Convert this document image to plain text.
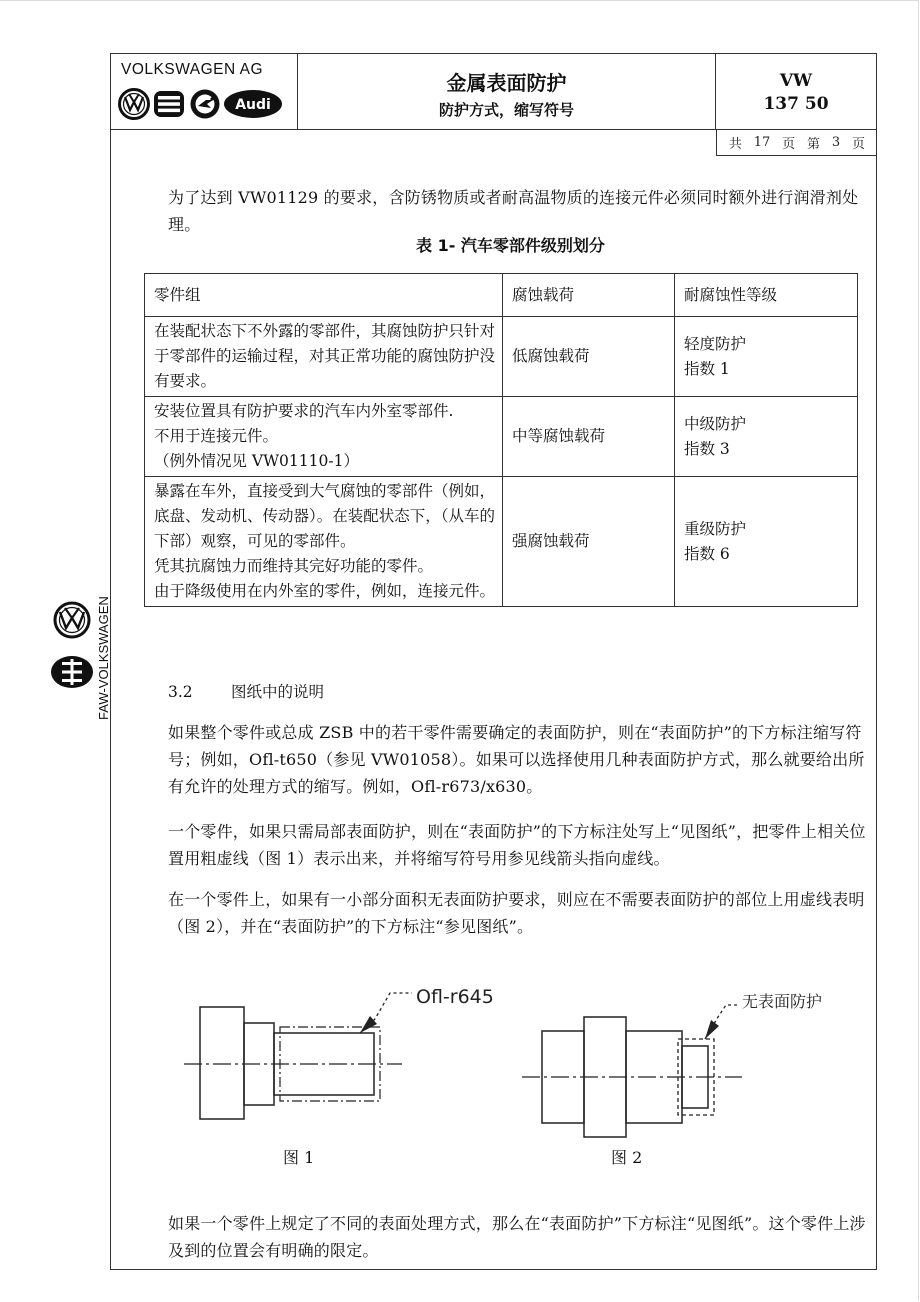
VOLKSWAGEN AG
Audi
金属表面防护
防护方式，缩写符号
VW
137 50
共 17 页 第 3 页
为了达到 VW01129 的要求，含防锈物质或者耐高温物质的连接元件必须同时额外进行润滑剂处理。
表 1- 汽车零部件级别划分
零件组	腐蚀载荷	耐腐蚀性等级
在装配状态下不外露的零部件，其腐蚀防护只针对于零部件的运输过程，对其正常功能的腐蚀防护没有要求。	低腐蚀载荷	轻度防护
指数 1
安装位置具有防护要求的汽车内外室零部件.
不用于连接元件。
（例外情况见 VW01110-1）	中等腐蚀载荷	中级防护
指数 3
暴露在车外，直接受到大气腐蚀的零部件（例如，底盘、发动机、传动器）。在装配状态下，（从车的下部）观察，可见的零部件。
凭其抗腐蚀力而维持其完好功能的零件。
由于降级使用在内外室的零件，例如，连接元件。	强腐蚀载荷	重级防护
指数 6
3.2 图纸中的说明
如果整个零件或总成 ZSB 中的若干零件需要确定的表面防护，则在“表面防护”的下方标注缩写符号；例如，Ofl-t650（参见 VW01058）。如果可以选择使用几种表面防护方式，那么就要给出所有允许的处理方式的缩写。例如，Ofl-r673/x630。
一个零件，如果只需局部表面防护，则在“表面防护”的下方标注处写上“见图纸”，把零件上相关位置用粗虚线（图 1）表示出来，并将缩写符号用参见线箭头指向虚线。
在一个零件上，如果有一小部分面积无表面防护要求，则应在不需要表面防护的部位上用虚线表明（图 2），并在“表面防护”的下方标注“参见图纸”。
Ofl-r645	无表面防护
图 1	图 2
如果一个零件上规定了不同的表面处理方式，那么在“表面防护”下方标注“见图纸”。这个零件上涉及到的位置会有明确的限定。
FAW-VOLKSWAGEN
